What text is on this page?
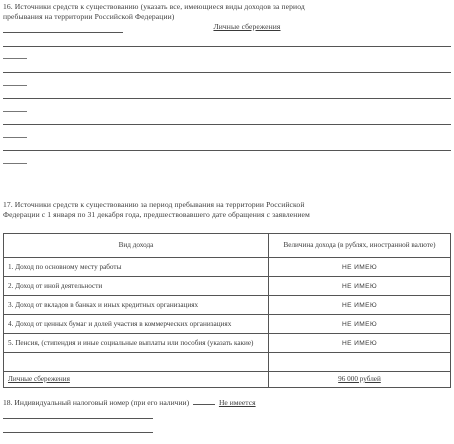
16. Источники средств к существованию (указать все, имеющиеся виды доходов за период
пребывания на территории Российской Федерации)
Личные сбережения
17. Источники средств к существованию за период пребывания на территории Российской
Федерации с 1 января по 31 декабря года, предшествовавшего дате обращения с заявлением
Вид дохода	Величина дохода (в рублях, иностранной валюте)
1. Доход по основному месту работы	НЕ ИМЕЮ
2. Доход от иной деятельности	НЕ ИМЕЮ
3. Доход от вкладов в банках и иных кредитных организациях	НЕ ИМЕЮ
4. Доход от ценных бумаг и долей участия в коммерческих организациях	НЕ ИМЕЮ
5. Пенсия, (стипендия и иные социальные выплаты или пособия (указать какие)	НЕ ИМЕЮ

Личные сбережения	96 000 рублей
18. Индивидуальный налоговый номер (при его наличии)	Не имеется
